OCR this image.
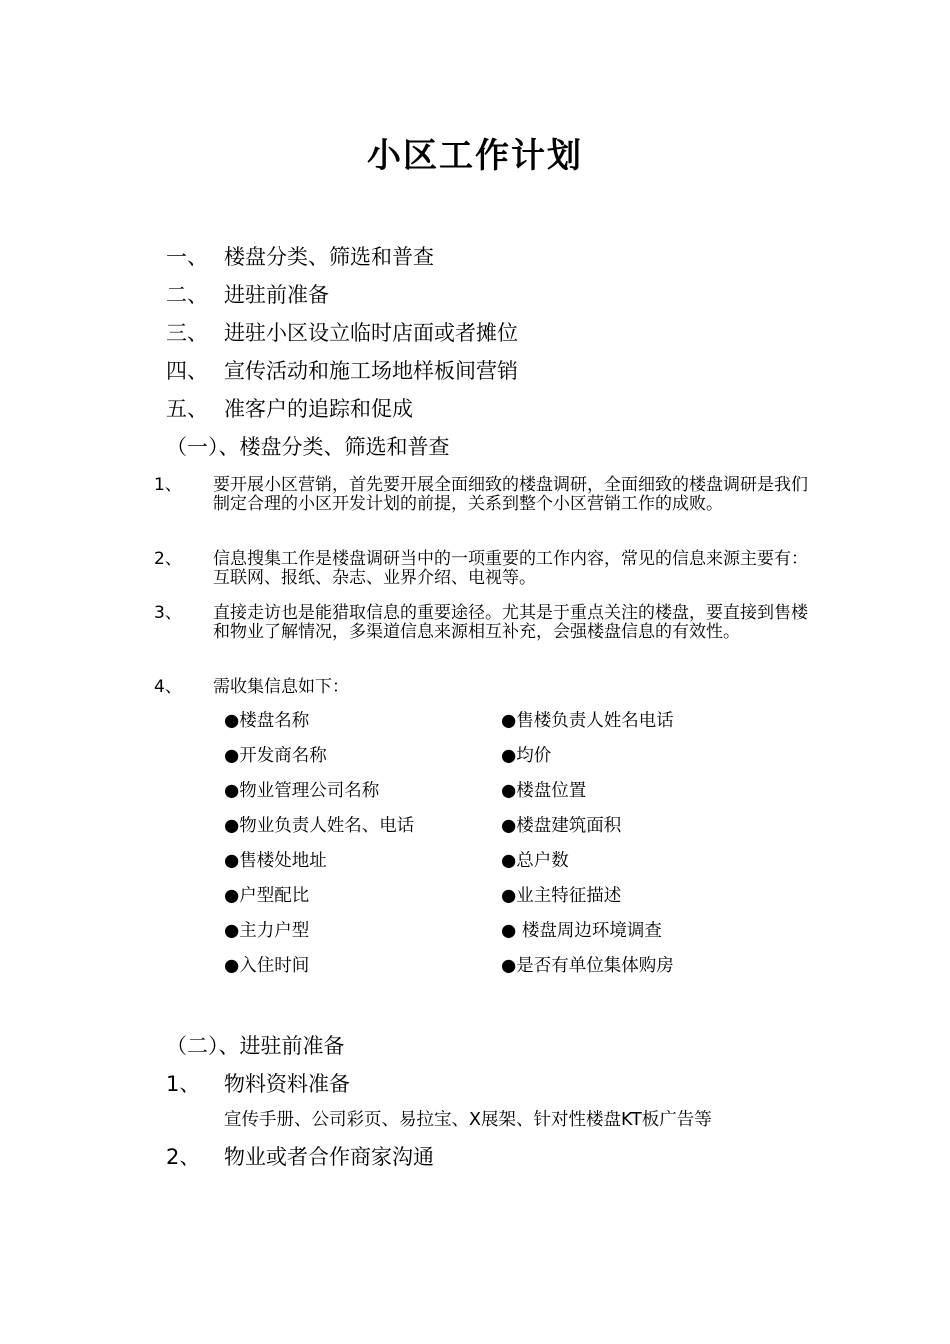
小区工作计划
一、 楼盘分类、筛选和普查
二、 进驻前准备
三、 进驻小区设立临时店面或者摊位
四、 宣传活动和施工场地样板间营销
五、 准客户的追踪和促成
（一）、楼盘分类、筛选和普查
1、	要开展小区营销，首先要开展全面细致的楼盘调研，全面细致的楼盘调研是我们制定合理的小区开发计划的前提，关系到整个小区营销工作的成败。
2、	信息搜集工作是楼盘调研当中的一项重要的工作内容，常见的信息来源主要有：互联网、报纸、杂志、业界介绍、电视等。
3、	直接走访也是能猎取信息的重要途径。尤其是于重点关注的楼盘，要直接到售楼和物业了解情况，多渠道信息来源相互补充，会强楼盘信息的有效性。
4、	需收集信息如下：
●楼盘名称
●开发商名称
●物业管理公司名称
●物业负责人姓名、电话
●售楼处地址
●户型配比
●主力户型
●入住时间
●售楼负责人姓名电话
●均价
●楼盘位置
●楼盘建筑面积
●总户数
●业主特征描述
● 楼盘周边环境调查
●是否有单位集体购房
（二）、进驻前准备
1、 物料资料准备
宣传手册、公司彩页、易拉宝、X展架、针对性楼盘KT板广告等
2、 物业或者合作商家沟通
